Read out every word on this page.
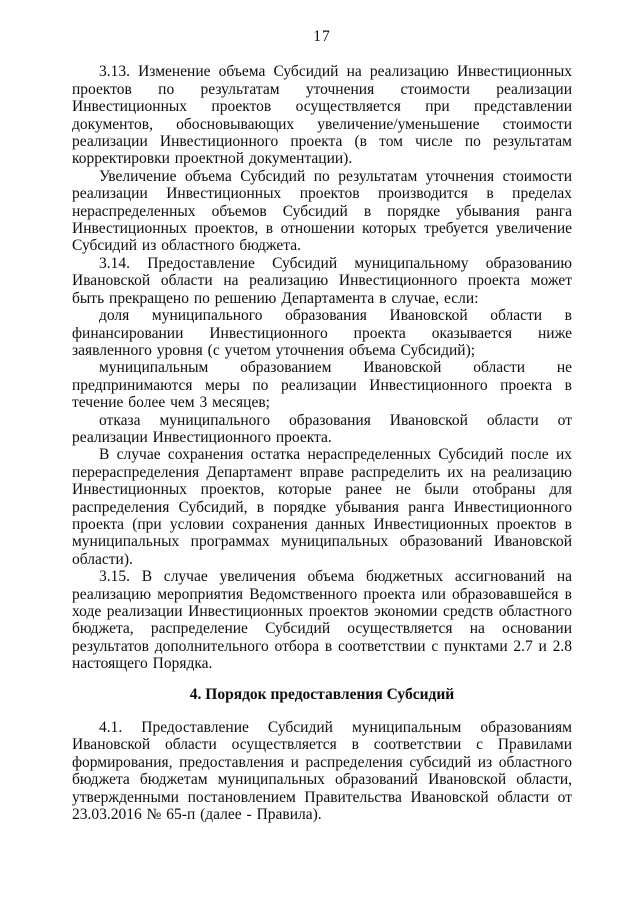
17

3.13. Изменение объема Субсидий на реализацию Инвестиционных проектов по результатам уточнения стоимости реализации Инвестиционных проектов осуществляется при представлении документов, обосновывающих увеличение/уменьшение стоимости реализации Инвестиционного проекта (в том числе по результатам корректировки проектной документации).

Увеличение объема Субсидий по результатам уточнения стоимости реализации Инвестиционных проектов производится в пределах нераспределенных объемов Субсидий в порядке убывания ранга Инвестиционных проектов, в отношении которых требуется увеличение Субсидий из областного бюджета.

3.14. Предоставление Субсидий муниципальному образованию Ивановской области на реализацию Инвестиционного проекта может быть прекращено по решению Департамента в случае, если:

доля муниципального образования Ивановской области в финансировании Инвестиционного проекта оказывается ниже заявленного уровня (с учетом уточнения объема Субсидий);

муниципальным образованием Ивановской области не предпринимаются меры по реализации Инвестиционного проекта в течение более чем 3 месяцев;

отказа муниципального образования Ивановской области от реализации Инвестиционного проекта.

В случае сохранения остатка нераспределенных Субсидий после их перераспределения Департамент вправе распределить их на реализацию Инвестиционных проектов, которые ранее не были отобраны для распределения Субсидий, в порядке убывания ранга Инвестиционного проекта (при условии сохранения данных Инвестиционных проектов в муниципальных программах муниципальных образований Ивановской области).

3.15. В случае увеличения объема бюджетных ассигнований на реализацию мероприятия Ведомственного проекта или образовавшейся в ходе реализации Инвестиционных проектов экономии средств областного бюджета, распределение Субсидий осуществляется на основании результатов дополнительного отбора в соответствии с пунктами 2.7 и 2.8 настоящего Порядка.

4. Порядок предоставления Субсидий

4.1. Предоставление Субсидий муниципальным образованиям Ивановской области осуществляется в соответствии с Правилами формирования, предоставления и распределения субсидий из областного бюджета бюджетам муниципальных образований Ивановской области, утвержденными постановлением Правительства Ивановской области от 23.03.2016 № 65-п (далее - Правила).
